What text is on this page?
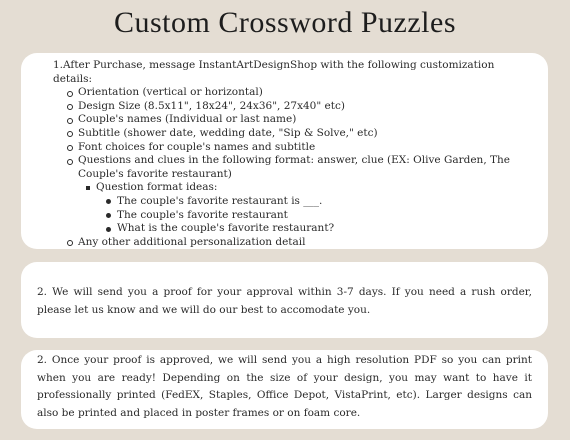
Custom Crossword Puzzles
1.After Purchase, message InstantArtDesignShop with the following customization details:
Orientation (vertical or horizontal)
Design Size (8.5x11", 18x24", 24x36", 27x40" etc)
Couple's names (Individual or last name)
Subtitle (shower date, wedding date, "Sip & Solve," etc)
Font choices for couple's names and subtitle
Questions and clues in the following format: answer, clue (EX: Olive Garden, The Couple's favorite restaurant)
Question format ideas:
The couple's favorite restaurant is ___.
The couple's favorite restaurant
What is the couple's favorite restaurant?
Any other additional personalization detail
2. We will send you a proof for your approval within 3-7 days. If you need a rush order, please let us know and we will do our best to accomodate you.
2. Once your proof is approved, we will send you a high resolution PDF so you can print when you are ready! Depending on the size of your design, you may want to have it professionally printed (FedEX, Staples, Office Depot, VistaPrint, etc). Larger designs can also be printed and placed in poster frames or on foam core.
